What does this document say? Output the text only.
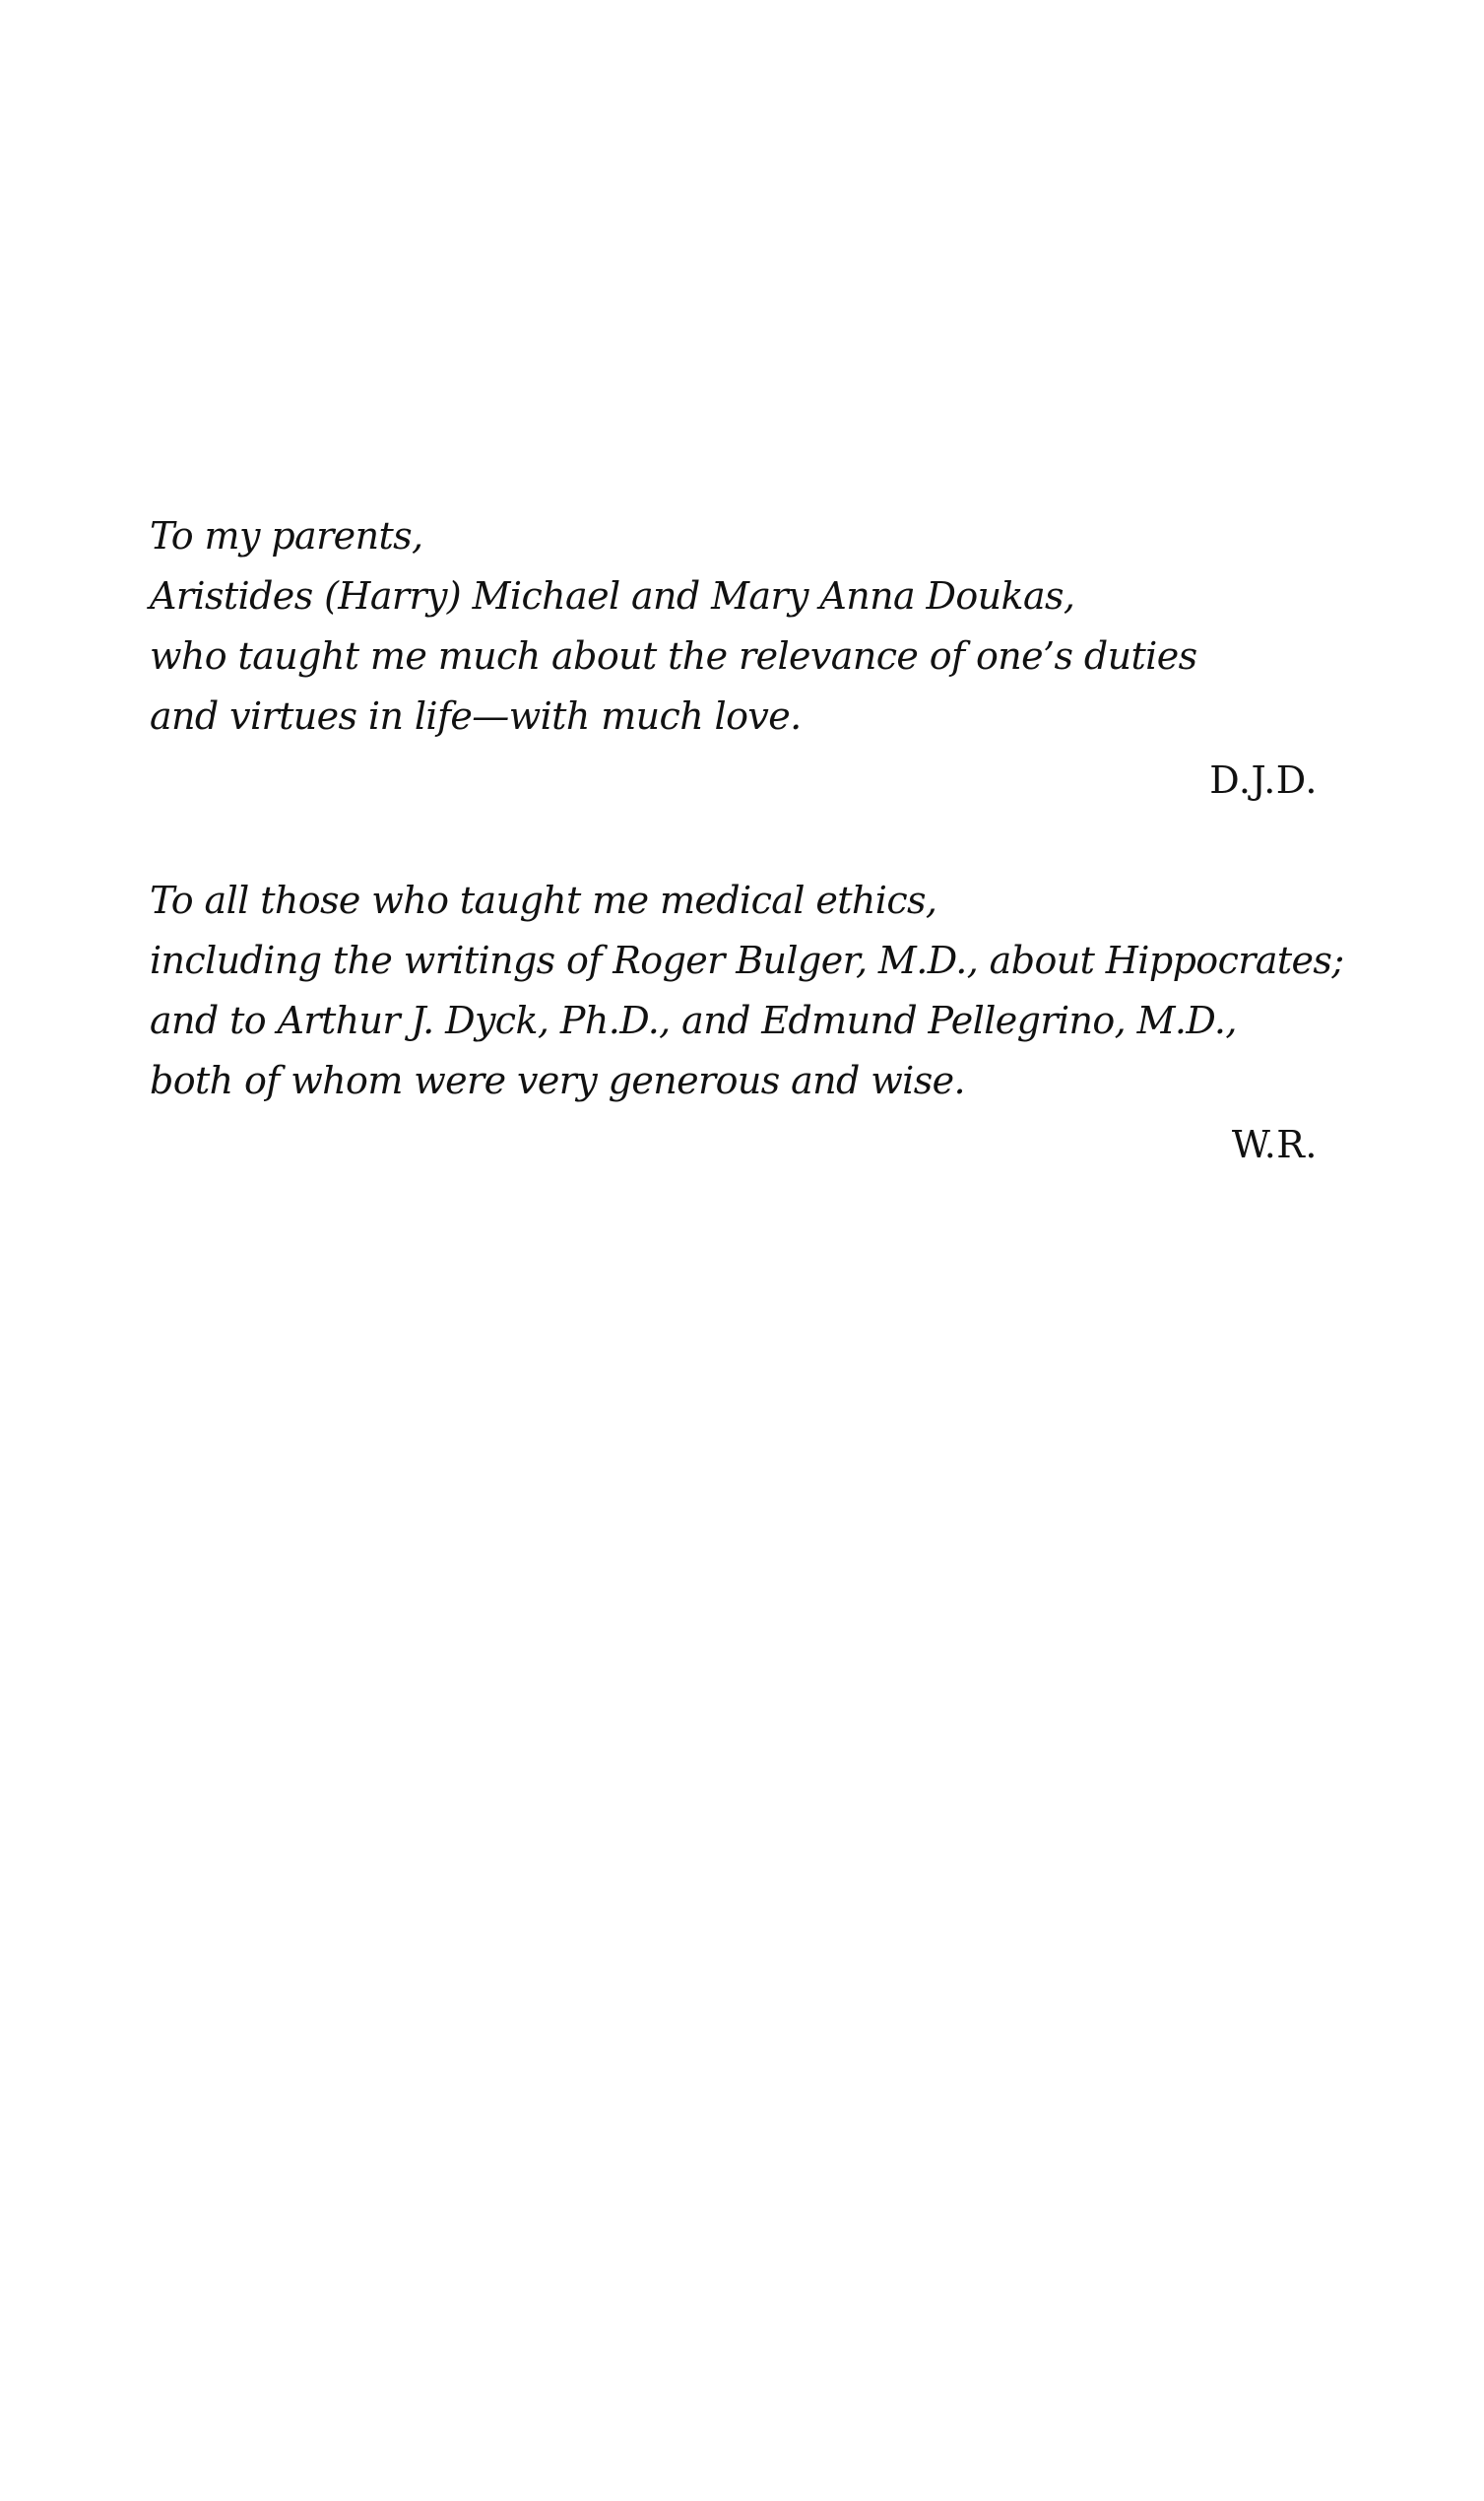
To my parents,
Aristides (Harry) Michael and Mary Anna Doukas,
who taught me much about the relevance of one’s duties
and virtues in life—with much love.
D.J.D.
To all those who taught me medical ethics,
including the writings of Roger Bulger, M.D., about Hippocrates;
and to Arthur J. Dyck, Ph.D., and Edmund Pellegrino, M.D.,
both of whom were very generous and wise.
W.R.
